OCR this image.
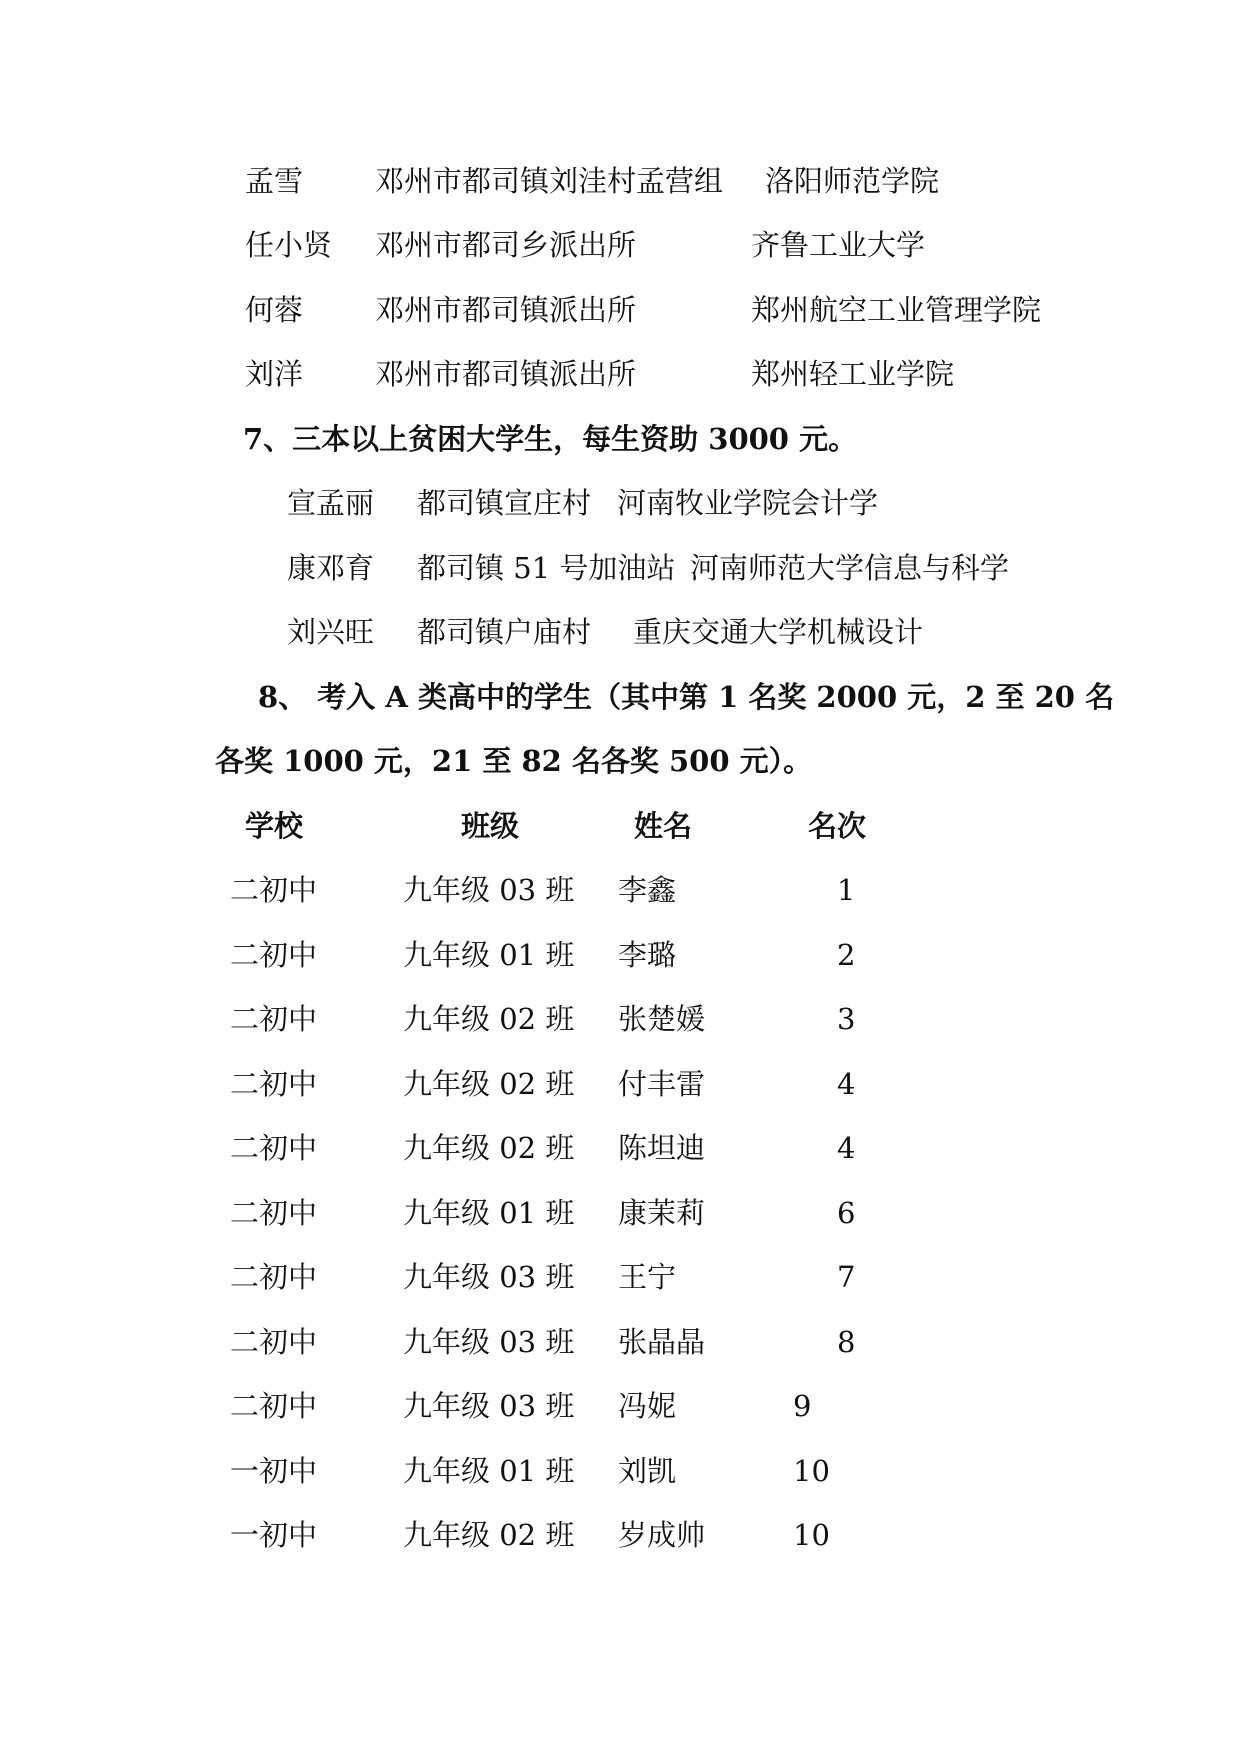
孟雪 邓州市都司镇刘洼村孟营组 洛阳师范学院
任小贤 邓州市都司乡派出所	齐鲁工业大学
何蓉 邓州市都司镇派出所	郑州航空工业管理学院
刘洋 邓州市都司镇派出所	郑州轻工业学院
7、三本以上贫困大学生，每生资助 3000 元。
宣孟丽 都司镇宣庄村 河南牧业学院会计学
康邓育 都司镇 51 号加油站 河南师范大学信息与科学
刘兴旺 都司镇户庙村 重庆交通大学机械设计
8、 考入 A 类高中的学生（其中第 1 名奖 2000 元，2 至 20 名
各奖 1000 元，21 至 82 名各奖 500 元）。
学校	班级	姓名	名次
二初中	九年级 03 班 李鑫	1
二初中	九年级 01 班 李璐	2
二初中	九年级 02 班 张楚媛	3
二初中	九年级 02 班 付丰雷	4
二初中	九年级 02 班 陈坦迪	4
二初中	九年级 01 班 康茉莉	6
二初中	九年级 03 班 王宁	7
二初中	九年级 03 班 张晶晶	8
二初中	九年级 03 班 冯妮	9
一初中	九年级 01 班 刘凯	10
一初中	九年级 02 班 岁成帅	10
